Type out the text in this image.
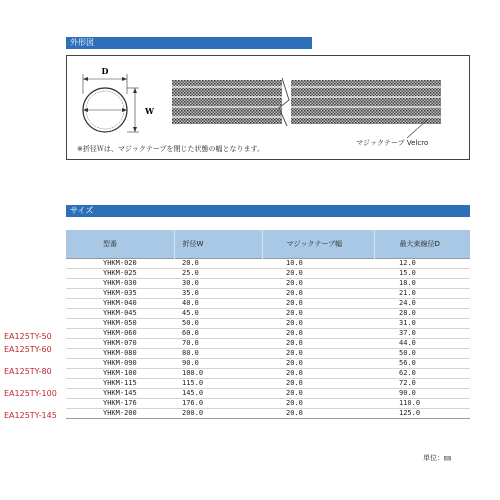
外形図
D
W
※折径Ｗは、マジックテープを閉じた状態の幅となります。
マジックテープ Velcro
サイズ
型番	折径W	マジックテープ幅	最大束線径D
YHKM-020	20.0	10.0	12.0
YHKM-025	25.0	20.0	15.0
YHKM-030	30.0	20.0	18.0
YHKM-035	35.0	20.0	21.0
YHKM-040	40.0	20.0	24.0
YHKM-045	45.0	20.0	28.0
YHKM-050	50.0	20.0	31.0
YHKM-060	60.0	20.0	37.0
YHKM-070	70.0	20.0	44.0
YHKM-080	80.0	20.0	50.0
YHKM-090	90.0	20.0	56.0
YHKM-100	100.0	20.0	62.0
YHKM-115	115.0	20.0	72.0
YHKM-145	145.0	20.0	90.0
YHKM-176	176.0	20.0	110.0
YHKM-200	200.0	20.0	125.0
EA125TY-50
EA125TY-60
EA125TY-80
EA125TY-100
EA125TY-145
単位：㎜
